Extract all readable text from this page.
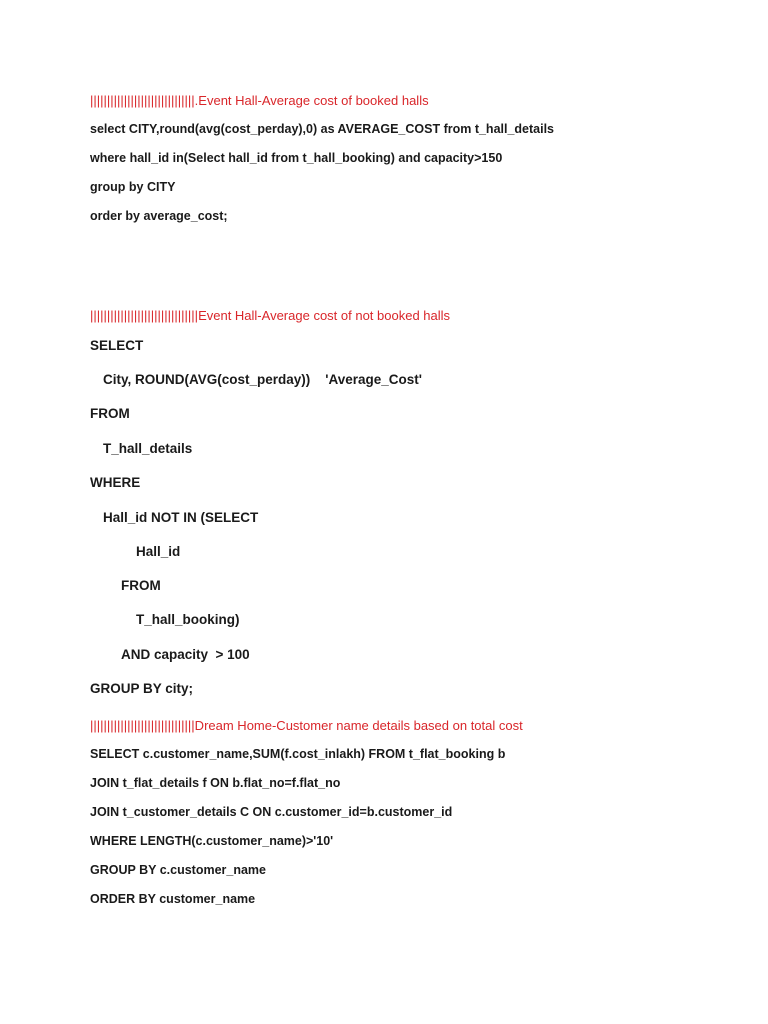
|||||||||||||||||||||||||||||||.Event Hall-Average cost of booked halls
select CITY,round(avg(cost_perday),0) as AVERAGE_COST from t_hall_details
where hall_id in(Select hall_id from t_hall_booking) and capacity>150
group by CITY
order by average_cost;
||||||||||||||||||||||||||||||||Event Hall-Average cost of not booked halls
SELECT
City, ROUND(AVG(cost_perday))    'Average_Cost'
FROM
T_hall_details
WHERE
Hall_id NOT IN (SELECT
Hall_id
FROM
T_hall_booking)
AND capacity  > 100
GROUP BY city;
|||||||||||||||||||||||||||||||Dream Home-Customer name details based on total cost
SELECT c.customer_name,SUM(f.cost_inlakh) FROM t_flat_booking b
JOIN t_flat_details f ON b.flat_no=f.flat_no
JOIN t_customer_details C ON c.customer_id=b.customer_id
WHERE LENGTH(c.customer_name)>'10'
GROUP BY c.customer_name
ORDER BY customer_name
